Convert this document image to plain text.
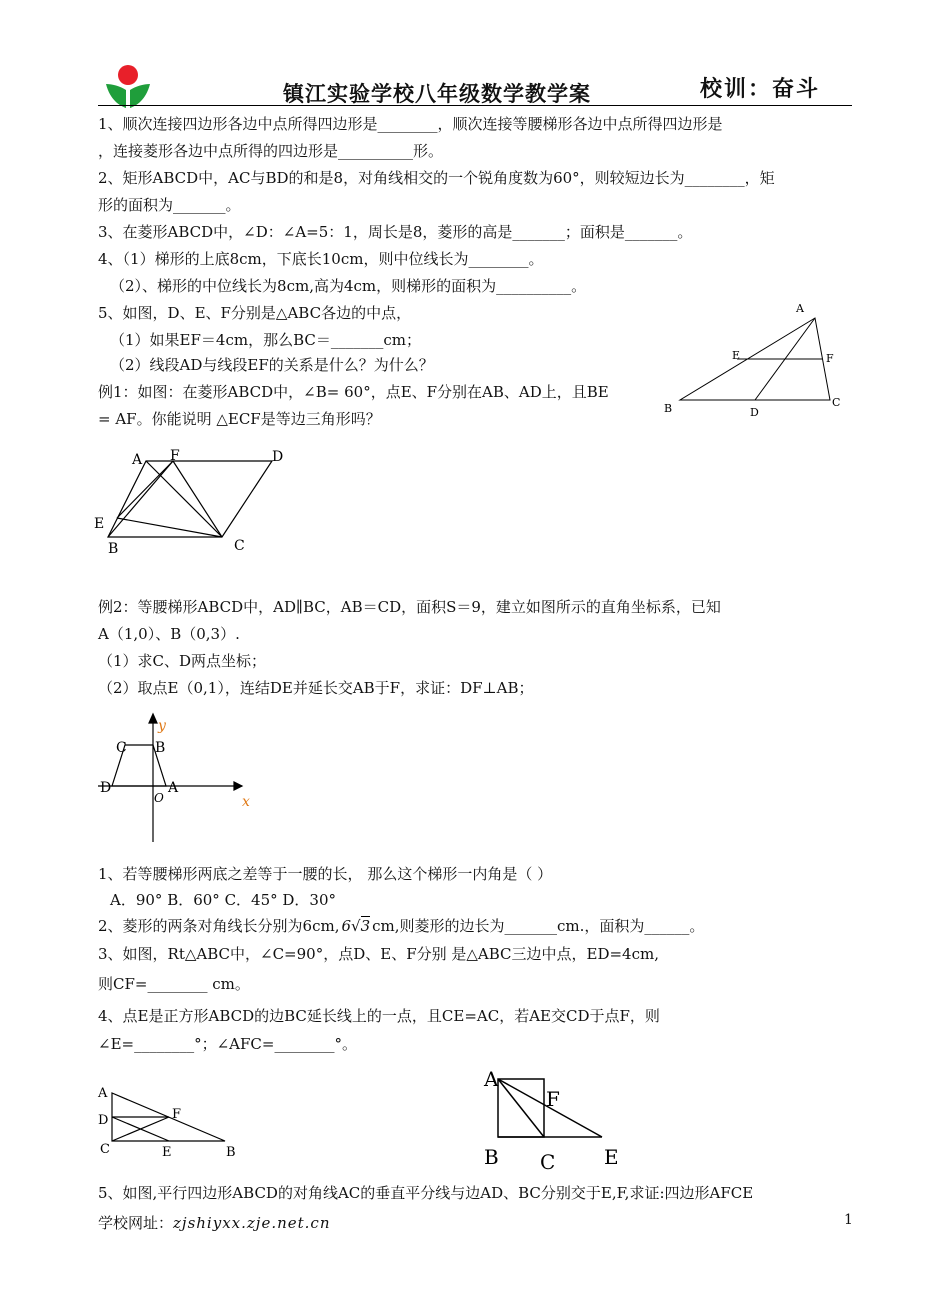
镇江实验学校八年级数学教学案	校训：奋斗
1、顺次连接四边形各边中点所得四边形是________，顺次连接等腰梯形各边中点所得四边形是
，连接菱形各边中点所得的四边形是__________形。
2、矩形ABCD中，AC与BD的和是8，对角线相交的一个锐角度数为60°，则较短边长为________，矩
形的面积为_______。
3、在菱形ABCD中，∠D：∠A=5：1，周长是8，菱形的高是_______；面积是_______。
4、（1）梯形的上底8cm，下底长10cm，则中位线长为________。
（2）、梯形的中位线长为8cm,高为4cm，则梯形的面积为__________。
5、如图，D、E、F分别是△ABC各边的中点，
（1）如果EF＝4cm，那么BC＝_______cm；
（2）线段AD与线段EF的关系是什么？为什么？
例1：如图：在菱形ABCD中，∠B= 60°，点E、F分别在AB、AD上，且BE
= AF。你能说明 △ECF是等边三角形吗？
A
B	C
D
E	F
A F	D
E
B	C
例2：等腰梯形ABCD中，AD∥BC，AB＝CD，面积S＝9，建立如图所示的直角坐标系，已知
A（1,0）、B（0,3）.
（1）求C、D两点坐标；
（2）取点E（0,1），连结DE并延长交AB于F，求证：DF⊥AB；
y
x
C B
D	A
O
1、若等腰梯形两底之差等于一腰的长， 那么这个梯形一内角是（ ）
A．90° B．60° C．45° D．30°
2、菱形的两条对角线长分别为6cm, 6√3 cm,则菱形的边长为_______cm.，面积为______。
3、如图，Rt△ABC中，∠C=90°，点D、E、F分别 是△ABC三边中点，ED=4cm,
则CF=________ cm。
4、点E是正方形ABCD的边BC延长线上的一点，且CE=AC，若AE交CD于点F，则
∠E=________°；∠AFC=________°。
A
D
C
F
E	B
A
F
B C E
5、如图,平行四边形ABCD的对角线AC的垂直平分线与边AD、BC分别交于E,F,求证:四边形AFCE
学校网址：zjshiyxx.zje.net.cn	1
